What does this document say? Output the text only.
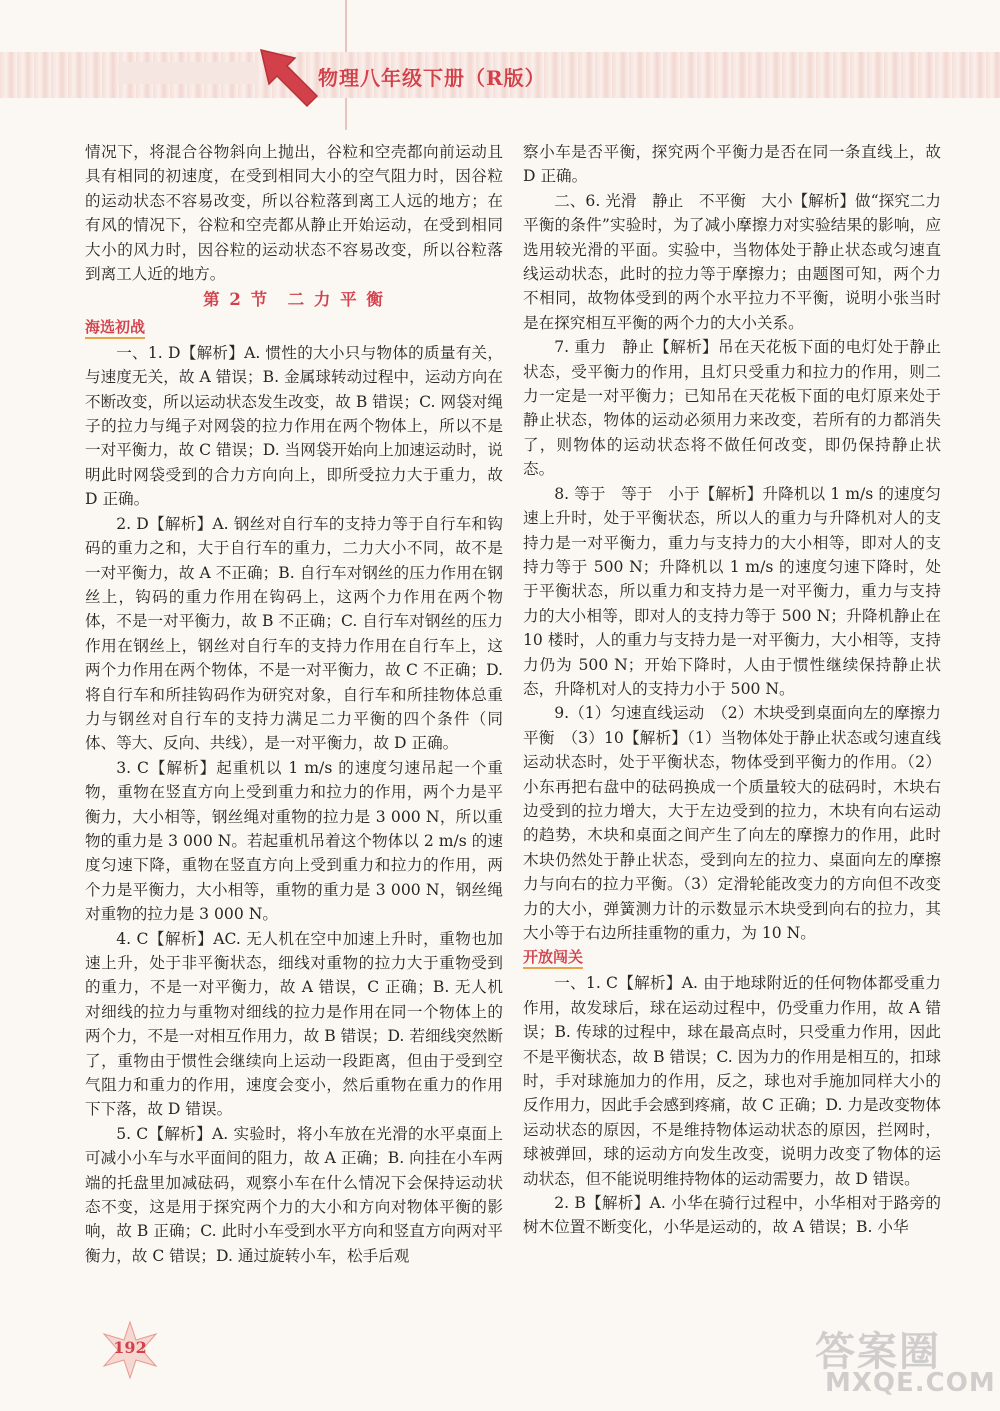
物理八年级下册（R版）

情况下，将混合谷物斜向上抛出，谷粒和空壳都向前运动且具有相同的初速度，在受到相同大小的空气阻力时，因谷粒的运动状态不容易改变，所以谷粒落到离工人远的地方；在有风的情况下，谷粒和空壳都从静止开始运动，在受到相同大小的风力时，因谷粒的运动状态不容易改变，所以谷粒落到离工人近的地方。

第 2 节　二 力 平 衡
海选初战

一、1. D【解析】A. 惯性的大小只与物体的质量有关，与速度无关，故 A 错误；B. 金属球转动过程中，运动方向在不断改变，所以运动状态发生改变，故 B 错误；C. 网袋对绳子的拉力与绳子对网袋的拉力作用在两个物体上，所以不是一对平衡力，故 C 错误；D. 当网袋开始向上加速运动时，说明此时网袋受到的合力方向向上，即所受拉力大于重力，故 D 正确。

2. D【解析】A. 钢丝对自行车的支持力等于自行车和钩码的重力之和，大于自行车的重力，二力大小不同，故不是一对平衡力，故 A 不正确；B. 自行车对钢丝的压力作用在钢丝上，钩码的重力作用在钩码上，这两个力作用在两个物体，不是一对平衡力，故 B 不正确；C. 自行车对钢丝的压力作用在钢丝上，钢丝对自行车的支持力作用在自行车上，这两个力作用在两个物体，不是一对平衡力，故 C 不正确；D. 将自行车和所挂钩码作为研究对象，自行车和所挂物体总重力与钢丝对自行车的支持力满足二力平衡的四个条件（同体、等大、反向、共线），是一对平衡力，故 D 正确。

3. C【解析】起重机以 1 m/s 的速度匀速吊起一个重物，重物在竖直方向上受到重力和拉力的作用，两个力是平衡力，大小相等，钢丝绳对重物的拉力是 3 000 N，所以重物的重力是 3 000 N。若起重机吊着这个物体以 2 m/s 的速度匀速下降，重物在竖直方向上受到重力和拉力的作用，两个力是平衡力，大小相等，重物的重力是 3 000 N，钢丝绳对重物的拉力是 3 000 N。

4. C【解析】AC. 无人机在空中加速上升时，重物也加速上升，处于非平衡状态，细线对重物的拉力大于重物受到的重力，不是一对平衡力，故 A 错误，C 正确；B. 无人机对细线的拉力与重物对细线的拉力是作用在同一个物体上的两个力，不是一对相互作用力，故 B 错误；D. 若细线突然断了，重物由于惯性会继续向上运动一段距离，但由于受到空气阻力和重力的作用，速度会变小，然后重物在重力的作用下下落，故 D 错误。

5. C【解析】A. 实验时，将小车放在光滑的水平桌面上可减小小车与水平面间的阻力，故 A 正确；B. 向挂在小车两端的托盘里加减砝码，观察小车在什么情况下会保持运动状态不变，这是用于探究两个力的大小和方向对物体平衡的影响，故 B 正确；C. 此时小车受到水平方向和竖直方向两对平衡力，故 C 错误；D. 通过旋转小车，松手后观

察小车是否平衡，探究两个平衡力是否在同一条直线上，故 D 正确。

二、6. 光滑　静止　不平衡　大小【解析】做“探究二力平衡的条件”实验时，为了减小摩擦力对实验结果的影响，应选用较光滑的平面。实验中，当物体处于静止状态或匀速直线运动状态，此时的拉力等于摩擦力；由题图可知，两个力不相同，故物体受到的两个水平拉力不平衡，说明小张当时是在探究相互平衡的两个力的大小关系。

7. 重力　静止【解析】吊在天花板下面的电灯处于静止状态，受平衡力的作用，且灯只受重力和拉力的作用，则二力一定是一对平衡力；已知吊在天花板下面的电灯原来处于静止状态，物体的运动必须用力来改变，若所有的力都消失了，则物体的运动状态将不做任何改变，即仍保持静止状态。

8. 等于　等于　小于【解析】升降机以 1 m/s 的速度匀速上升时，处于平衡状态，所以人的重力与升降机对人的支持力是一对平衡力，重力与支持力的大小相等，即对人的支持力等于 500 N；升降机以 1 m/s 的速度匀速下降时，处于平衡状态，所以重力和支持力是一对平衡力，重力与支持力的大小相等，即对人的支持力等于 500 N；升降机静止在 10 楼时，人的重力与支持力是一对平衡力，大小相等，支持力仍为 500 N；开始下降时，人由于惯性继续保持静止状态，升降机对人的支持力小于 500 N。

9.（1）匀速直线运动　（2）木块受到桌面向左的摩擦力　平衡　（3）10【解析】（1）当物体处于静止状态或匀速直线运动状态时，处于平衡状态，物体受到平衡力的作用。（2）小东再把右盘中的砝码换成一个质量较大的砝码时，木块右边受到的拉力增大，大于左边受到的拉力，木块有向右运动的趋势，木块和桌面之间产生了向左的摩擦力的作用，此时木块仍然处于静止状态，受到向左的拉力、桌面向左的摩擦力与向右的拉力平衡。（3）定滑轮能改变力的方向但不改变力的大小，弹簧测力计的示数显示木块受到向右的拉力，其大小等于右边所挂重物的重力，为 10 N。

开放闯关

一、1. C【解析】A. 由于地球附近的任何物体都受重力作用，故发球后，球在运动过程中，仍受重力作用，故 A 错误；B. 传球的过程中，球在最高点时，只受重力作用，因此不是平衡状态，故 B 错误；C. 因为力的作用是相互的，扣球时，手对球施加力的作用，反之，球也对手施加同样大小的反作用力，因此手会感到疼痛，故 C 正确；D. 力是改变物体运动状态的原因，不是维持物体运动状态的原因，拦网时，球被弹回，球的运动方向发生改变，说明力改变了物体的运动状态，但不能说明维持物体的运动需要力，故 D 错误。

2. B【解析】A. 小华在骑行过程中，小华相对于路旁的树木位置不断变化，小华是运动的，故 A 错误；B. 小华

192	答案圈
MXQE.COM
